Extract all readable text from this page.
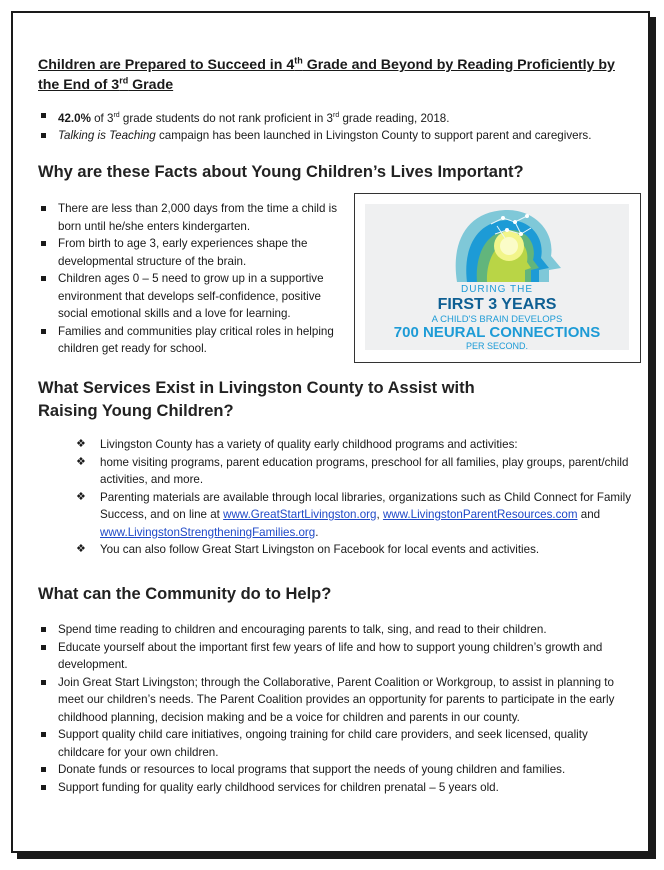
Children are Prepared to Succeed in 4th Grade and Beyond by Reading Proficiently by the End of 3rd Grade
42.0% of 3rd grade students do not rank proficient in 3rd grade reading, 2018.
Talking is Teaching campaign has been launched in Livingston County to support parent and caregivers.
Why are these Facts about Young Children’s Lives Important?
There are less than 2,000 days from the time a child is born until he/she enters kindergarten.
From birth to age 3, early experiences shape the developmental structure of the brain.
Children ages 0 – 5 need to grow up in a supportive environment that develops self-confidence, positive social emotional skills and a love for learning.
Families and communities play critical roles in helping children get ready for school.
DURING THE
FIRST 3 YEARS
A CHILD'S BRAIN DEVELOPS
700 NEURAL CONNECTIONS
PER SECOND.
What Services Exist in Livingston County to Assist with
Raising Young Children?
❖ Livingston County has a variety of quality early childhood programs and activities:
❖ home visiting programs, parent education programs, preschool for all families, play groups, parent/child activities, and more.
❖ Parenting materials are available through local libraries, organizations such as Child Connect for Family Success, and on line at www.GreatStartLivingston.org, www.LivingstonParentResources.com and www.LivingstonStrengtheningFamilies.org.
❖ You can also follow Great Start Livingston on Facebook for local events and activities.
What can the Community do to Help?
Spend time reading to children and encouraging parents to talk, sing, and read to their children.
Educate yourself about the important first few years of life and how to support young children’s growth and development.
Join Great Start Livingston; through the Collaborative, Parent Coalition or Workgroup, to assist in planning to meet our children’s needs. The Parent Coalition provides an opportunity for parents to participate in the early childhood planning, decision making and be a voice for children and parents in our county.
Support quality child care initiatives, ongoing training for child care providers, and seek licensed, quality childcare for your own children.
Donate funds or resources to local programs that support the needs of young children and families.
Support funding for quality early childhood services for children prenatal – 5 years old.
